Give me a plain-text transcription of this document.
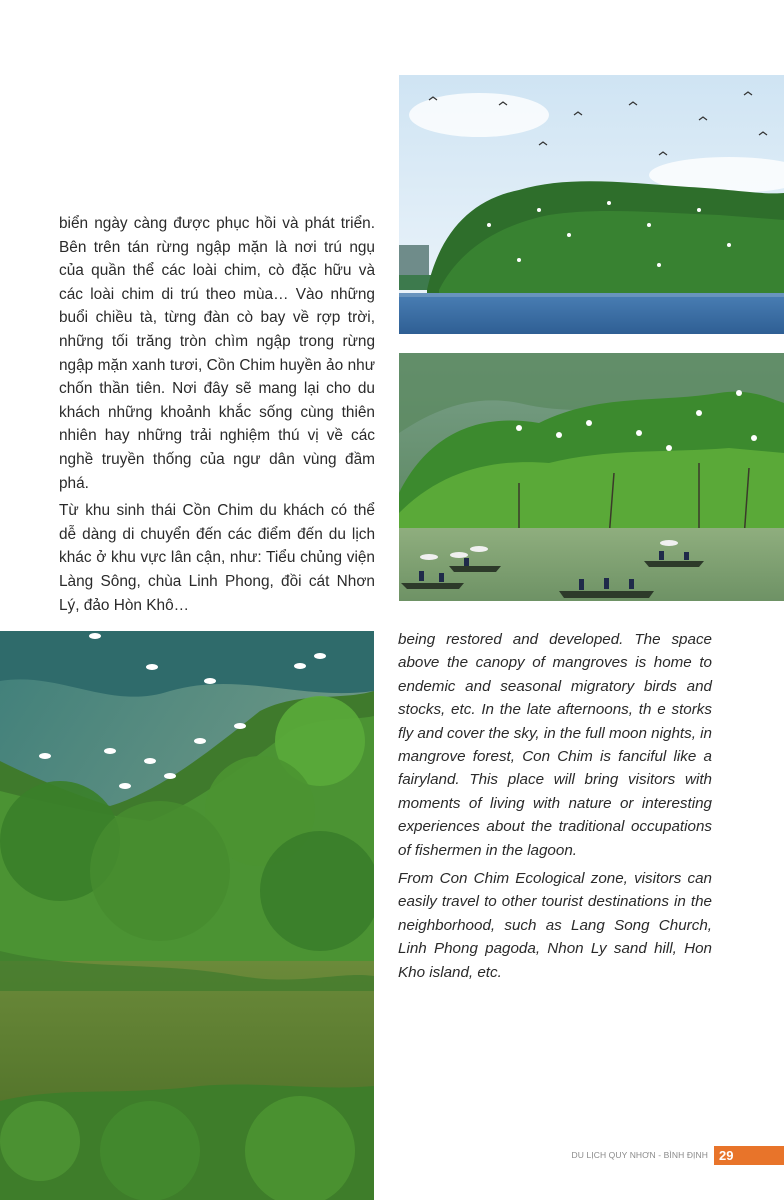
biển ngày càng được phục hồi và phát triển. Bên trên tán rừng ngập mặn là nơi trú ngụ của quần thể các loài chim, cò đặc hữu và các loài chim di trú theo mùa… Vào những buổi chiều tà, từng đàn cò bay về rợp trời, những tối trăng tròn chìm ngập trong rừng ngập mặn xanh tươi, Cồn Chim huyền ảo như chốn thần tiên. Nơi đây sẽ mang lại cho du khách những khoảnh khắc sống cùng thiên nhiên hay những trải nghiệm thú vị về các nghề truyền thống của ngư dân vùng đầm phá.

Từ khu sinh thái Cồn Chim du khách có thể dễ dàng di chuyển đến các điểm đến du lịch khác ở khu vực lân cận, như: Tiểu chủng viện Làng Sông, chùa Linh Phong, đồi cát Nhơn Lý, đảo Hòn Khô…

being restored and developed. The space above the canopy of mangroves is home to endemic and seasonal migratory birds and stocks, etc. In the late afternoons, th e storks fly and cover the sky, in the full moon nights, in mangrove forest, Con Chim is fanciful like a fairyland. This place will bring visitors with moments of living with nature or interesting experiences about the traditional occupations of fishermen in the lagoon.

From Con Chim Ecological zone, visitors can easily travel to other tourist destinations in the neighborhood, such as Lang Song Church, Linh Phong pagoda, Nhon Ly sand hill, Hon Kho island, etc.

DU LỊCH QUY NHƠN - BÌNH ĐỊNH 29
